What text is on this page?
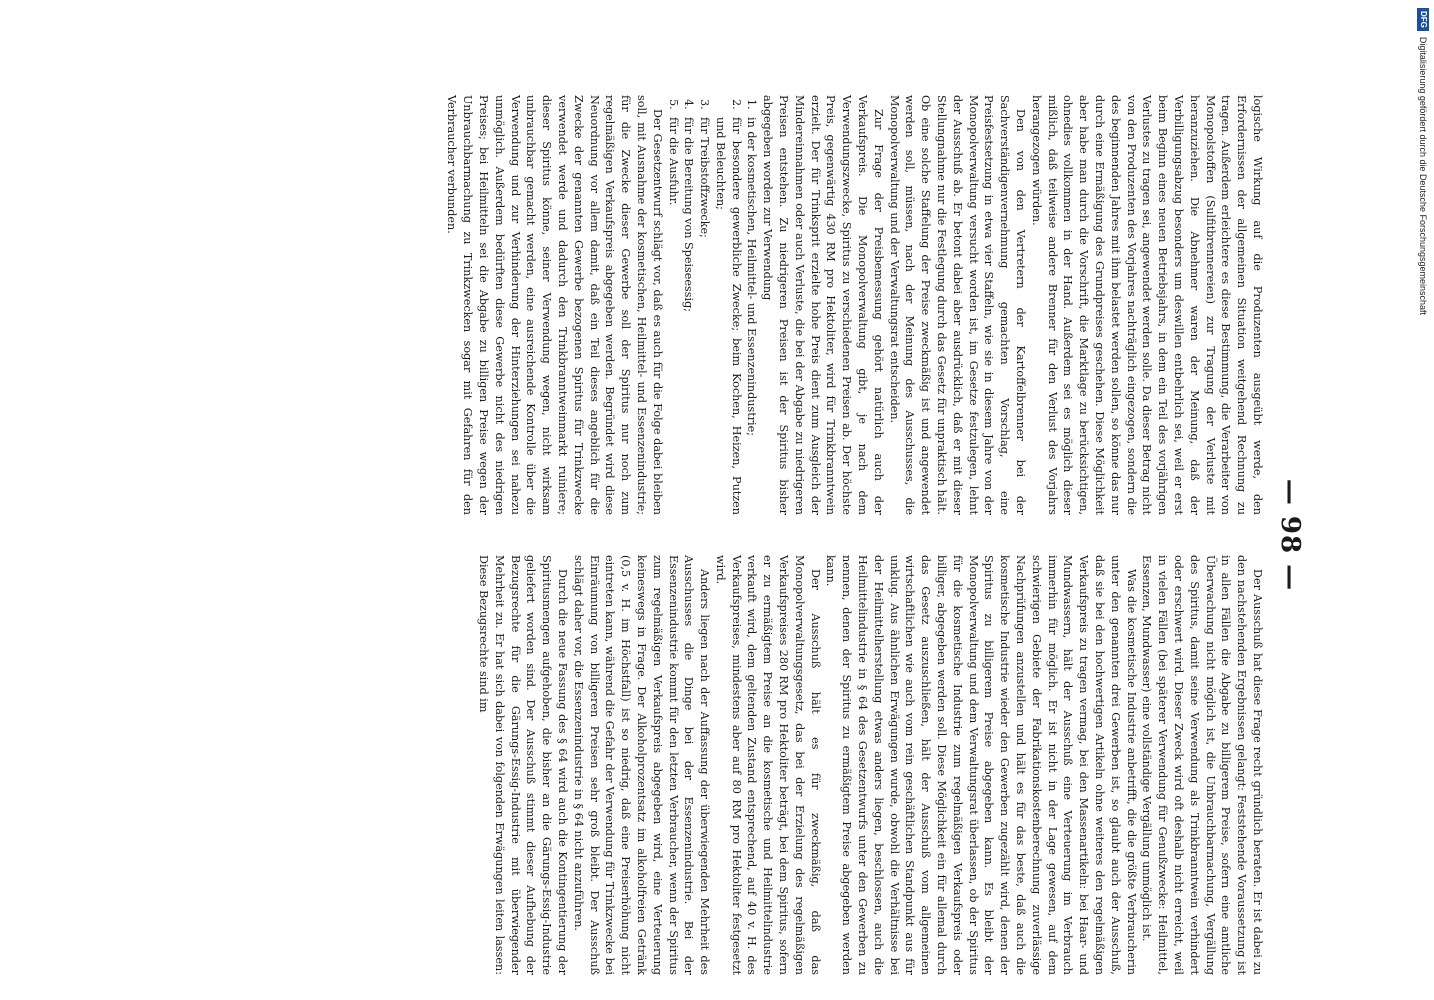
— 98 —

logische Wirkung auf die Produzenten ausgeübt werde, den Erfordernissen der allgemeinen Situation weitgehend Rechnung zu tragen. Außerdem erleichtere es diese Bestimmung, die Verarbeiter von Monopolstoffen (Sulfitbrennereien) zur Tragung der Verluste mit heranzuziehen. Die Abnehmer waren der Meinung, daß der Verbilligungsabzug besonders um deswillen entbehrlich sei, weil er erst beim Beginn eines neuen Betriebsjahrs, in dem ein Teil des vorjährigen Verlustes zu tragen sei, angewendet werden solle. Da dieser Betrag nicht von den Produzenten des Vorjahres nachträglich eingezogen, sondern die des beginnenden Jahres mit ihm belastet werden sollen, so könne das nur durch eine Ermäßigung des Grundpreises geschehen. Diese Möglichkeit aber habe man durch die Vorschrift, die Marktlage zu berücksichtigen, ohnedies vollkommen in der Hand. Außerdem sei es möglich dieser mißlich, daß teilweise andere Brenner für den Verlust des Vorjahrs herangezogen würden.

Den von den Vertretern der Kartoffelbrenner bei der Sachverständigenvernehmung gemachten Vorschlag, eine Preisfestsetzung in etwa vier Staffeln, wie sie in diesem Jahre von der Monopolverwaltung versucht worden ist, im Gesetze festzulegen, lehnt der Ausschuß ab. Er betont dabei aber ausdrücklich, daß er mit dieser Stellungnahme nur die Festlegung durch das Gesetz für unpraktisch hält. Ob eine solche Staffelung der Preise zweckmäßig ist und angewendet werden soll, müssen, nach der Meinung des Ausschusses, die Monopolverwaltung und der Verwaltungsrat entscheiden.

Zur Frage der Preisbemessung gehört natürlich auch der Verkaufspreis. Die Monopolverwaltung gibt, je nach dem Verwendungszwecke, Spiritus zu verschiedenen Preisen ab. Der höchste Preis, gegenwärtig 430 RM pro Hektoliter, wird für Trinkbranntwein erzielt. Der für Trinksprit erzielte hohe Preis dient zum Ausgleich der Mindereinnahmen oder auch Verluste, die bei der Abgabe zu niedrigeren Preisen entstehen. Zu niedrigeren Preisen ist der Spiritus bisher abgegeben worden zur Verwendung

1.in der kosmetischen, Heilmittel- und Essenzenindustrie;
2.für besondere gewerbliche Zwecke; beim Kochen, Heizen, Putzen und Beleuchten;
3.für Treibstoffzwecke;
4.für die Bereitung von Speiseessig;
5.für die Ausfuhr.

Der Gesetzentwurf schlägt vor, daß es auch für die Folge dabei bleiben soll, mit Ausnahme der kosmetischen, Heilmittel- und Essenzenindustrie; für die Zwecke dieser Gewerbe soll der Spiritus nur noch zum regelmäßigen Verkaufspreis abgegeben werden. Begründet wird diese Neuordnung vor allem damit, daß ein Teil dieses angeblich für die Zwecke der genannten Gewerbe bezogenen Spiritus für Trinkzwecke verwendet werde und dadurch den Trinkbranntweinmarkt ruiniere; dieser Spiritus könne, seiner Verwendung wegen, nicht wirksam unbrauchbar gemacht werden, eine ausreichende Kontrolle über die Verwendung und zur Verhinderung der Hinterziehungen sei nahezu unmöglich. Außerdem bedürften diese Gewerbe nicht des niedrigen Preises; bei Heilmitteln sei die Abgabe zu billigen Preise wegen der Unbrauchbarmachung zu Trinkzwecken sogar mit Gefahren für den Verbraucher verbunden.

Der Ausschuß hat diese Frage recht gründlich beraten. Er ist dabei zu den nachstehenden Ergebnissen gelangt: Feststehende Voraussetzung ist in allen Fällen die Abgabe zu billigerem Preise, sofern eine amtliche Überwachung nicht möglich ist, die Unbrauchbarmachung, Vergällung des Spiritus, damit seine Verwendung als Trinkbranntwein verhindert oder erschwert wird. Dieser Zweck wird oft deshalb nicht erreicht, weil in vielen Fällen (bei späterer Verwendung für Genußzwecke: Heilmittel, Essenzen, Mundwasser) eine vollständige Vergällung unmöglich ist.

Was die kosmetische Industrie anbetrifft, die die größte Verbraucherin unter den genannten drei Gewerben ist, so glaubt auch der Ausschuß, daß sie bei den hochwertigen Artikeln ohne weiteres den regelmäßigen Verkaufspreis zu tragen vermag, bei den Massenartikeln: bei Haar- und Mundwassern, hält der Ausschuß eine Verteuerung im Verbrauch immerhin für möglich. Er ist nicht in der Lage gewesen, auf dem schwierigen Gebiete der Fabrikationskostenberechnung zuverlässige Nachprüfungen anzustellen und hält es für das beste, daß auch die kosmetische Industrie wieder den Gewerben zugezählt wird, denen der Spiritus zu billigerem Preise abgegeben kann. Es bleibt der Monopolverwaltung und dem Verwaltungsrat überlassen, ob der Spiritus für die kosmetische Industrie zum regelmäßigen Verkaufspreis oder billiger, abgegeben werden soll. Diese Möglichkeit ein für allemal durch das Gesetz auszuschließen, hält der Ausschuß vom allgemeinen wirtschaftlichen wie auch vom rein geschäftlichen Standpunkt aus für unklug. Aus ähnlichen Erwägungen wurde, obwohl die Verhältnisse bei der Heilmittelherstellung etwas anders liegen, beschlossen, auch die Heilmittelindustrie in § 64 des Gesetzentwurfs unter den Gewerben zu nennen, denen der Spiritus zu ermäßigtem Preise abgegeben werden kann.

Der Ausschuß hält es für zweckmäßig, daß das Monopolverwaltungsgesetz, das bei der Erzielung des regelmäßigen Verkaufspreises 280 RM pro Hektoliter beträgt, bei dem Spiritus, sofern er zu ermäßigtem Preise an die kosmetische und Heilmittelindustrie verkauft wird, dem geltenden Zustand entsprechend, auf 40 v. H. des Verkaufspreises, mindestens aber auf 80 RM pro Hektoliter festgesetzt wird.

Anders liegen nach der Auffassung der überwiegenden Mehrheit des Ausschusses die Dinge bei der Essenzenindustrie. Bei der Essenzenindustrie kommt für den letzten Verbraucher, wenn der Spiritus zum regelmäßigen Verkaufspreis abgegeben wird, eine Verteuerung keineswegs in Frage. Der Alkoholprozentsatz im alkoholfreien Getränk (0,5 v. H. im Höchstfall) ist so niedrig, daß eine Preiserhöhung nicht eintreten kann, während die Gefahr der Verwendung für Trinkzwecke bei Einräumung von billigeren Preisen sehr groß bleibt. Der Ausschuß schlägt daher vor, die Essenzenindustrie in § 64 nicht anzuführen.

Durch die neue Fassung des § 64 wird auch die Kontingentierung der Spiritusmengen aufgehoben, die bisher an die Gärungs-Essig-Industrie geliefert worden sind. Der Ausschuß stimmt dieser Aufhebung der Bezugsrechte für die Gärungs-Essig-Industrie mit überwiegender Mehrheit zu. Er hat sich dabei von folgenden Erwägungen leiten lassen: Diese Bezugsrechte sind im

DFG
Digitalisierung gefördert durch die Deutsche Forschungsgemeinschaft
